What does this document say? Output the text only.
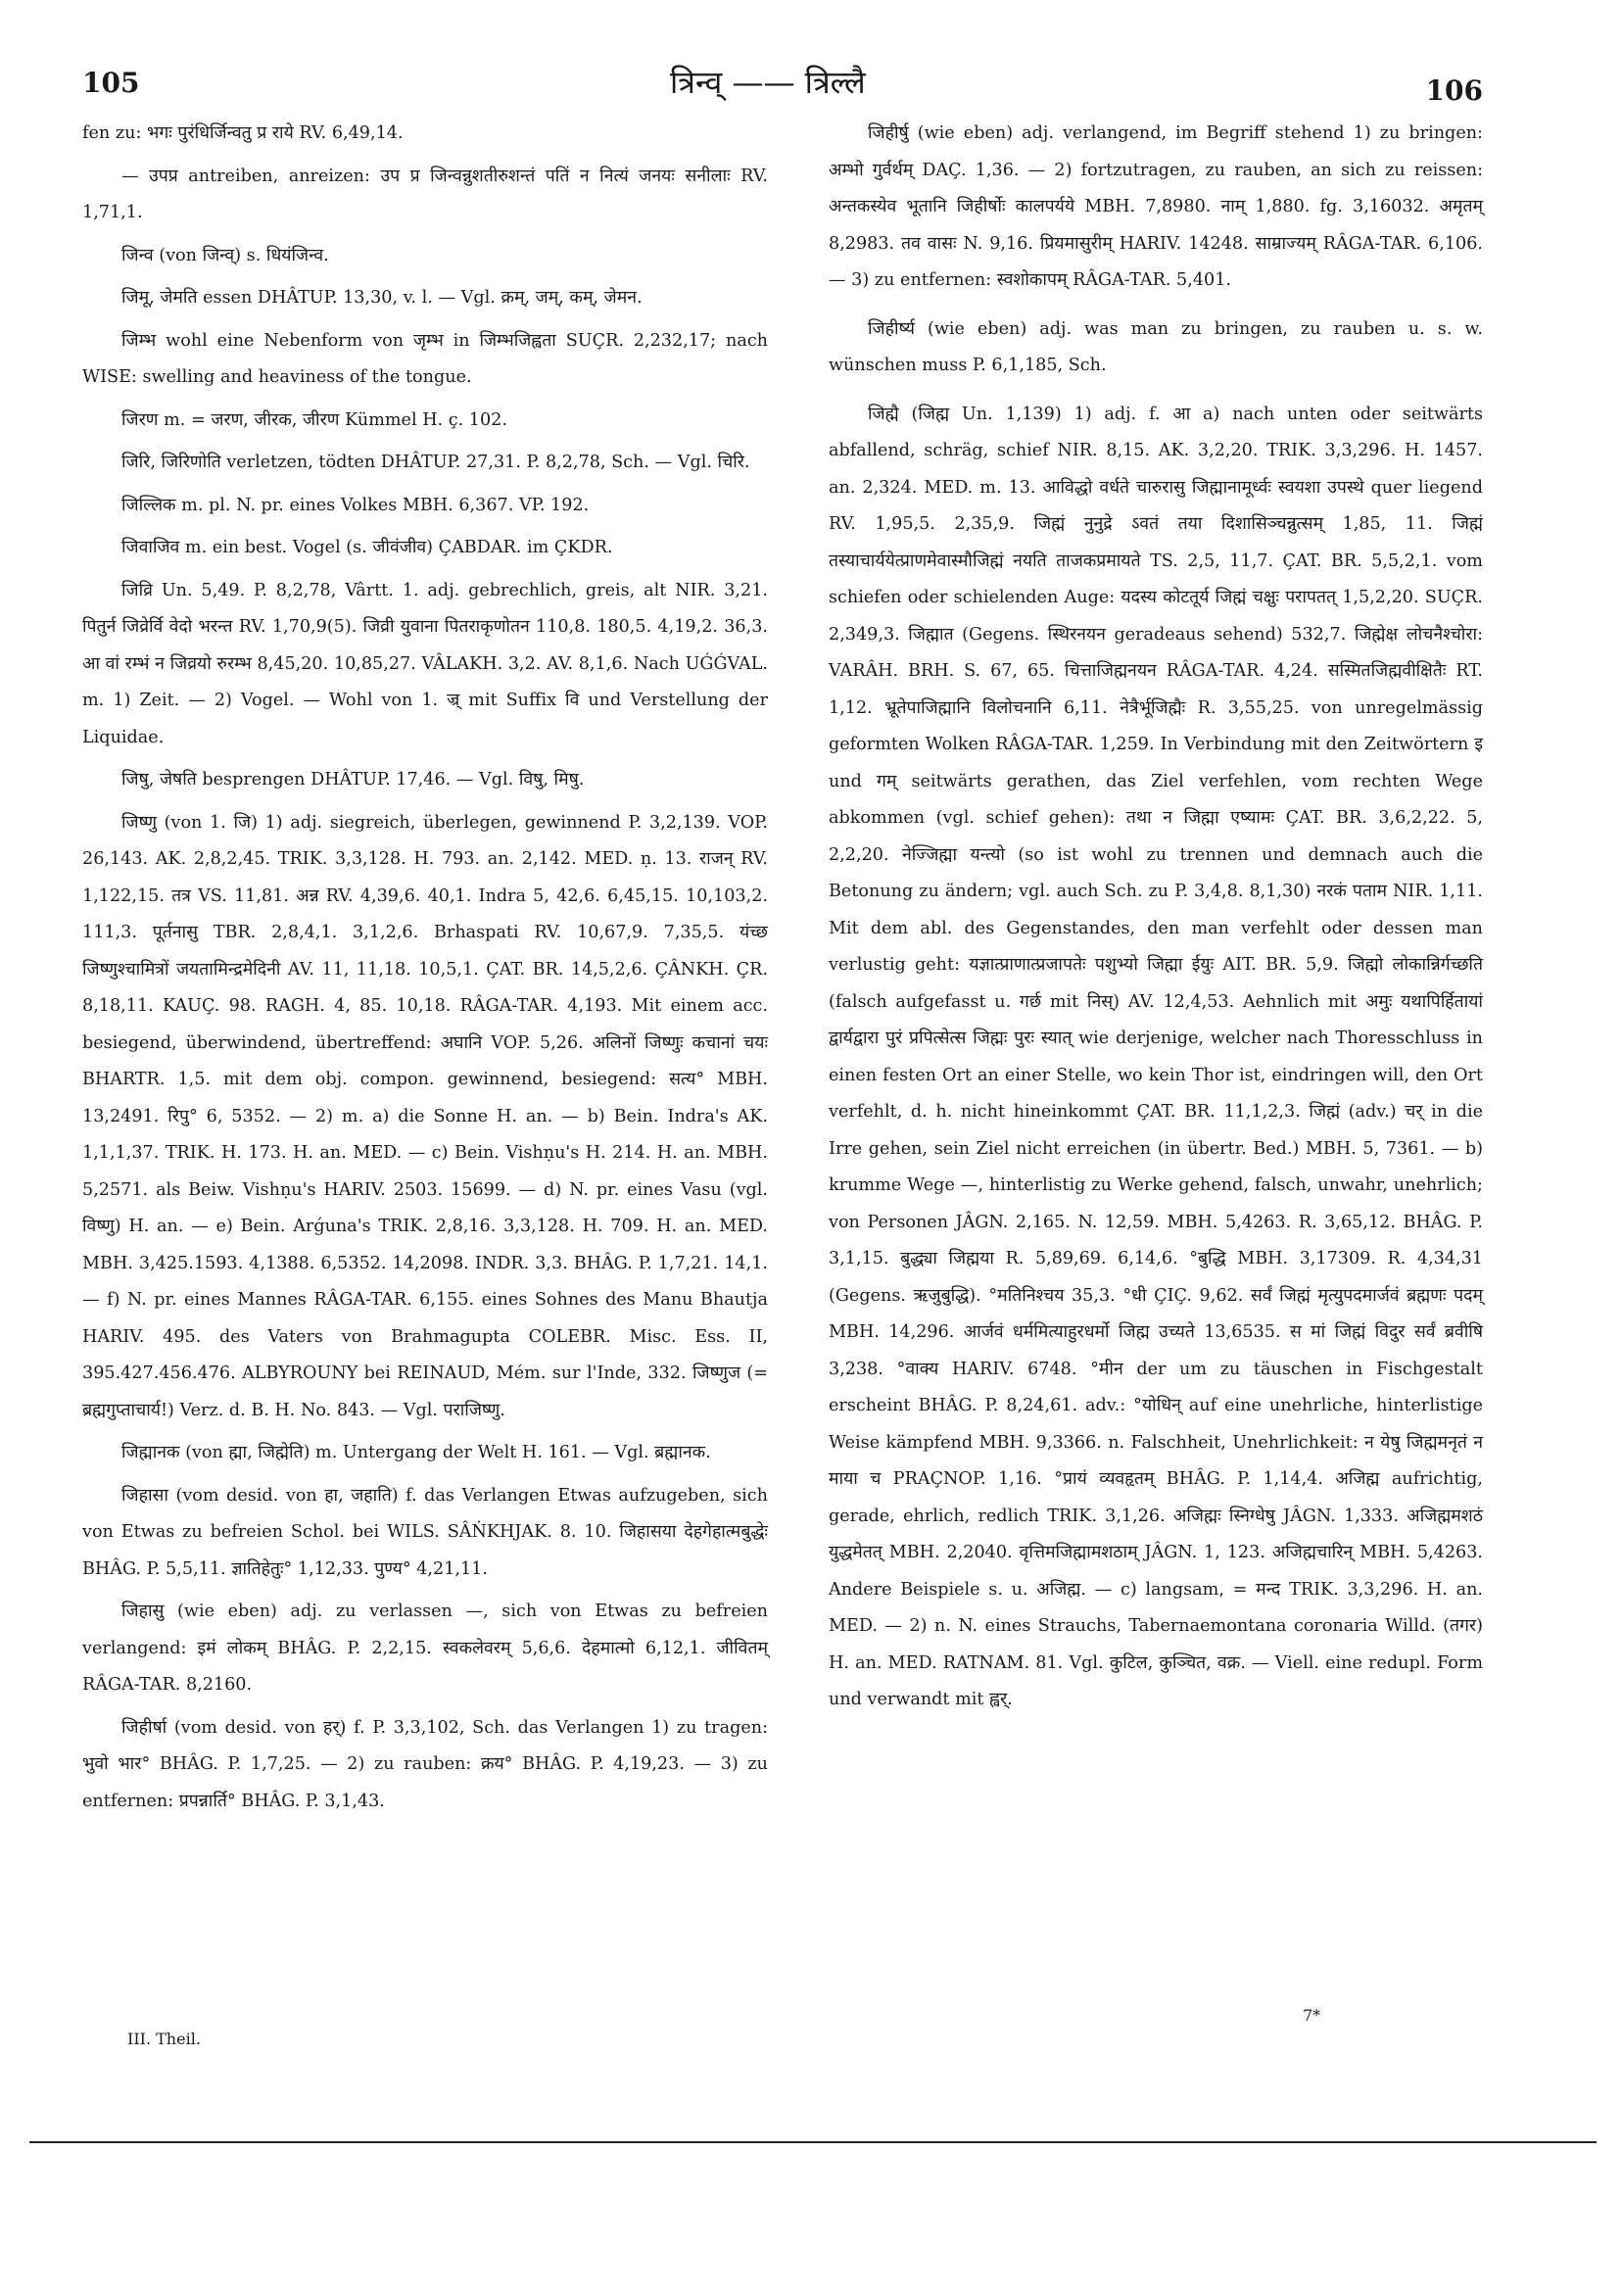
105	त्रिन्व् —— त्रिल्लै	106

fen zu: भगः पुरंधिर्जिन्वतु प्र राये RV. 6,49,14.

— उपप्र antreiben, anreizen: उप प्र जिन्वन्नुशतीरुशन्तं पतिं न नित्यं जनयः सनीलाः RV. 1,71,1.

जिन्व (von जिन्व्) s. धियंजिन्व.

जिमू, जेमति essen DHÂTUP. 13,30, v. l. — Vgl. क्रम्, जम्, कम्, जेमन.

जिम्भ wohl eine Nebenform von जृम्भ in जिम्भजिह्वता SUÇR. 2,232,17; nach WISE: swelling and heaviness of the tongue.

जिरण m. = जरण, जीरक, जीरण Kümmel H. ç. 102.

जिरि, जिरिणोति verletzen, tödten DHÂTUP. 27,31. P. 8,2,78, Sch. — Vgl. चिरि.

जिल्लिक m. pl. N. pr. eines Volkes MBH. 6,367. VP. 192.

जिवाजिव m. ein best. Vogel (s. जीवंजीव) ÇABDAR. im ÇKDR.

जिव्रि Un. 5,49. P. 8,2,78, Vârtt. 1. adj. gebrechlich, greis, alt NIR. 3,21. पितुर्न जिव्रेर्वि वेदो भरन्त RV. 1,70,9(5). जिव्री युवाना पितराकृणोतन 110,8. 180,5. 4,19,2. 36,3. आ वां रम्भं न जिव्रयो रुरम्भ 8,45,20. 10,85,27. VÂLAKH. 3,2. AV. 8,1,6. Nach UǴǴVAL. m. 1) Zeit. — 2) Vogel. — Wohl von 1. ज्र् mit Suffix वि und Verstellung der Liquidae.

जिषु, जेषति besprengen DHÂTUP. 17,46. — Vgl. विषु, मिषु.

जिष्णु (von 1. जि) 1) adj. siegreich, überlegen, gewinnend P. 3,2,139. VOP. 26,143. AK. 2,8,2,45. TRIK. 3,3,128. H. 793. an. 2,142. MED. ṇ. 13. राजन् RV. 1,122,15. तत्र VS. 11,81. अन्न RV. 4,39,6. 40,1. Indra 5, 42,6. 6,45,15. 10,103,2. 111,3. पूर्तनासु TBR. 2,8,4,1. 3,1,2,6. Brhaspati RV. 10,67,9. 7,35,5. यंच्छ जिष्णुश्चामित्रों जयतामिन्द्रमेदिनी AV. 11, 11,18. 10,5,1. ÇAT. BR. 14,5,2,6. ÇÂNKH. ÇR. 8,18,11. KAUÇ. 98. RAGH. 4, 85. 10,18. RÂGA-TAR. 4,193. Mit einem acc. besiegend, überwindend, übertreffend: अघानि VOP. 5,26. अलिनों जिष्णुः कचानां चयः BHARTR. 1,5. mit dem obj. compon. gewinnend, besiegend: सत्य° MBH. 13,2491. रिपु° 6, 5352. — 2) m. a) die Sonne H. an. — b) Bein. Indra's AK. 1,1,1,37. TRIK. H. 173. H. an. MED. — c) Bein. Vishṇu's H. 214. H. an. MBH. 5,2571. als Beiw. Vishṇu's HARIV. 2503. 15699. — d) N. pr. eines Vasu (vgl. विष्णु) H. an. — e) Bein. Arǵuna's TRIK. 2,8,16. 3,3,128. H. 709. H. an. MED. MBH. 3,425.1593. 4,1388. 6,5352. 14,2098. INDR. 3,3. BHÂG. P. 1,7,21. 14,1. — f) N. pr. eines Mannes RÂGA-TAR. 6,155. eines Sohnes des Manu Bhautja HARIV. 495. des Vaters von Brahmagupta COLEBR. Misc. Ess. II, 395.427.456.476. ALBYROUNY bei REINAUD, Mém. sur l'Inde, 332. जिष्णुज (= ब्रह्मगुप्ताचार्य!) Verz. d. B. H. No. 843. — Vgl. पराजिष्णु.

जिह्मानक (von ह्मा, जिह्मेति) m. Untergang der Welt H. 161. — Vgl. ब्रह्मानक.

जिहासा (vom desid. von हा, जहाति) f. das Verlangen Etwas aufzugeben, sich von Etwas zu befreien Schol. bei WILS. SÂṄKHJAK. 8. 10. जिहासया देहगेहात्मबुद्धेः BHÂG. P. 5,5,11. ज्ञातिहेतुः° 1,12,33. पुण्य° 4,21,11.

जिहासु (wie eben) adj. zu verlassen —, sich von Etwas zu befreien verlangend: इमं लोकम् BHÂG. P. 2,2,15. स्वकलेवरम् 5,6,6. देहमात्मो 6,12,1. जीवितम् RÂGA-TAR. 8,2160.

जिहीर्षा (vom desid. von हर्) f. P. 3,3,102, Sch. das Verlangen 1) zu tragen: भुवो भार° BHÂG. P. 1,7,25. — 2) zu rauben: क्रय° BHÂG. P. 4,19,23. — 3) zu entfernen: प्रपन्नार्ति° BHÂG. P. 3,1,43.

जिहीर्षु (wie eben) adj. verlangend, im Begriff stehend 1) zu bringen: अम्भो गुर्वर्थम् DAÇ. 1,36. — 2) fortzutragen, zu rauben, an sich zu reissen: अन्तकस्येव भूतानि जिहीर्षोः कालपर्यये MBH. 7,8980. नाम् 1,880. fg. 3,16032. अमृतम् 8,2983. तव वासः N. 9,16. प्रियमासुरीम् HARIV. 14248. साम्राज्यम् RÂGA-TAR. 6,106. — 3) zu entfernen: स्वशोकापम् RÂGA-TAR. 5,401.

जिहीर्ष्य (wie eben) adj. was man zu bringen, zu rauben u. s. w. wünschen muss P. 6,1,185, Sch.

जिह्मै (जिह्म Un. 1,139) 1) adj. f. आ a) nach unten oder seitwärts abfallend, schräg, schief NIR. 8,15. AK. 3,2,20. TRIK. 3,3,296. H. 1457. an. 2,324. MED. m. 13. आविद्धो वर्धते चारुरासु जिह्मानामूर्ध्वः स्वयशा उपस्थे quer liegend RV. 1,95,5. 2,35,9. जिह्मं नुनुद्रे ऽवतं तया दिशासिञ्चन्नुत्सम् 1,85, 11. जिह्मं तस्याचार्ययेत्प्राणमेवास्मौजिह्मं नयति ताजकप्रमायते TS. 2,5, 11,7. ÇAT. BR. 5,5,2,1. vom schiefen oder schielenden Auge: यदस्य कोटतूर्य जिह्मं चक्षुः परापतत् 1,5,2,20. SUÇR. 2,349,3. जिह्मात (Gegens. स्थिरनयन geradeaus sehend) 532,7. जिह्मेक्ष लोचनैश्चोरा: VARÂH. BRH. S. 67, 65. चित्ताजिह्मनयन RÂGA-TAR. 4,24. सस्मितजिह्मवीक्षितैः RT. 1,12. भ्रूतेपाजिह्मानि विलोचनानि 6,11. नेत्रैर्भूजिह्मैः R. 3,55,25. von unregelmässig geformten Wolken RÂGA-TAR. 1,259. In Verbindung mit den Zeitwörtern इ und गम् seitwärts gerathen, das Ziel verfehlen, vom rechten Wege abkommen (vgl. schief gehen): तथा न जिह्मा एष्यामः ÇAT. BR. 3,6,2,22. 5, 2,2,20. नेज्जिह्मा यन्त्यो (so ist wohl zu trennen und demnach auch die Betonung zu ändern; vgl. auch Sch. zu P. 3,4,8. 8,1,30) नरकं पताम NIR. 1,11. Mit dem abl. des Gegenstandes, den man verfehlt oder dessen man verlustig geht: यज्ञात्प्राणात्प्रजापतेः पशुभ्यो जिह्मा ईयुः AIT. BR. 5,9. जिह्मो लोकान्निर्गच्छति (falsch aufgefasst u. गर्छ mit निस्) AV. 12,4,53. Aehnlich mit अमुः यथापिर्हितायां द्वार्यद्वारा पुरं प्रपित्सेत्स जिह्मः पुरः स्यात् wie derjenige, welcher nach Thoresschluss in einen festen Ort an einer Stelle, wo kein Thor ist, eindringen will, den Ort verfehlt, d. h. nicht hineinkommt ÇAT. BR. 11,1,2,3. जिह्मं (adv.) चर् in die Irre gehen, sein Ziel nicht erreichen (in übertr. Bed.) MBH. 5, 7361. — b) krumme Wege —, hinterlistig zu Werke gehend, falsch, unwahr, unehrlich; von Personen JÂGN. 2,165. N. 12,59. MBH. 5,4263. R. 3,65,12. BHÂG. P. 3,1,15. बुद्ध्या जिह्मया R. 5,89,69. 6,14,6. °बुद्धि MBH. 3,17309. R. 4,34,31 (Gegens. ऋजुबुद्धि). °मतिनिश्चय 35,3. °धी ÇIÇ. 9,62. सर्वं जिह्मं मृत्युपदमार्जवं ब्रह्मणः पदम् MBH. 14,296. आर्जवं धर्ममित्याहुरधर्मो जिह्म उच्यते 13,6535. स मां जिह्मं विदुर सर्वं ब्रवीषि 3,238. °वाक्य HARIV. 6748. °मीन der um zu täuschen in Fischgestalt erscheint BHÂG. P. 8,24,61. adv.: °योधिन् auf eine unehrliche, hinterlistige Weise kämpfend MBH. 9,3366. n. Falschheit, Unehrlichkeit: न येषु जिह्ममनृतं न माया च PRAÇNOP. 1,16. °प्रायं व्यवहृतम् BHÂG. P. 1,14,4. अजिह्म aufrichtig, gerade, ehrlich, redlich TRIK. 3,1,26. अजिह्मः स्निग्धेषु JÂGN. 1,333. अजिह्ममशठं युद्धमेतत् MBH. 2,2040. वृत्तिमजिह्मामशठाम् JÂGN. 1, 123. अजिह्मचारिन् MBH. 5,4263. Andere Beispiele s. u. अजिह्म. — c) langsam, = मन्द TRIK. 3,3,296. H. an. MED. — 2) n. N. eines Strauchs, Tabernaemontana coronaria Willd. (तगर) H. an. MED. RATNAM. 81. Vgl. कुटिल, कुञ्चित, वक्र. — Viell. eine redupl. Form und verwandt mit ह्वर्.

III. Theil.
7*
